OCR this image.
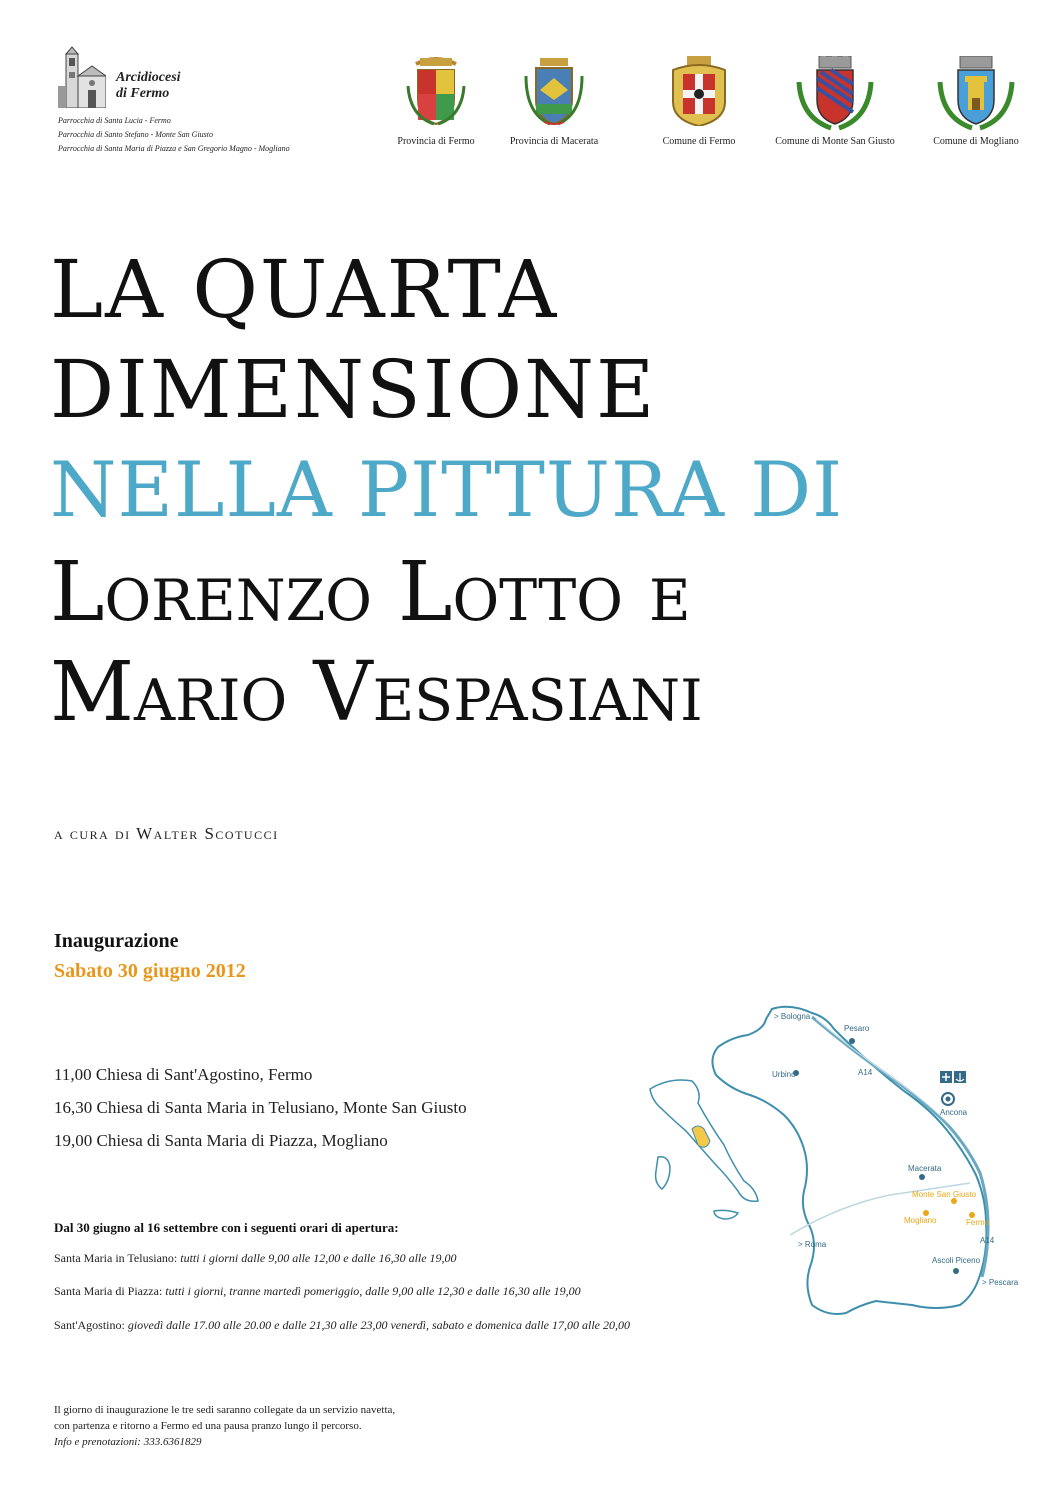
Arcidiocesi
di Fermo
Parrocchia di Santa Lucia - Fermo
Parrocchia di Santo Stefano - Monte San Giusto
Parrocchia di Santa Maria di Piazza e San Gregorio Magno - Mogliano
Provincia di Fermo	Provincia di Macerata	Comune di Fermo	Comune di Monte San Giusto	Comune di Mogliano
LA QUARTA
DIMENSIONE
NELLA PITTURA DI
Lorenzo Lotto e
Mario Vespasiani
a cura di Walter Scotucci
Inaugurazione
Sabato 30 giugno 2012
11,00 Chiesa di Sant'Agostino, Fermo
16,30 Chiesa di Santa Maria in Telusiano, Monte San Giusto
19,00 Chiesa di Santa Maria di Piazza, Mogliano
Dal 30 giugno al 16 settembre con i seguenti orari di apertura:
Santa Maria in Telusiano: tutti i giorni dalle 9,00 alle 12,00 e dalle 16,30 alle 19,00
Santa Maria di Piazza: tutti i giorni, tranne martedì pomeriggio, dalle 9,00 alle 12,30 e dalle 16,30 alle 19,00
Sant'Agostino: giovedì dalle 17.00 alle 20.00 e dalle 21,30 alle 23,00 venerdì, sabato e domenica dalle 17,00 alle 20,00
Il giorno di inaugurazione le tre sedi saranno collegate da un servizio navetta,
con partenza e ritorno a Fermo ed una pausa pranzo lungo il percorso.
Info e prenotazioni: 333.6361829
> Bologna
Pesaro
Urbino	A14
Ancona
Macerata
Monte San Giusto
Mogliano	Fermo
> Roma	A14
Ascoli Piceno
> Pescara
